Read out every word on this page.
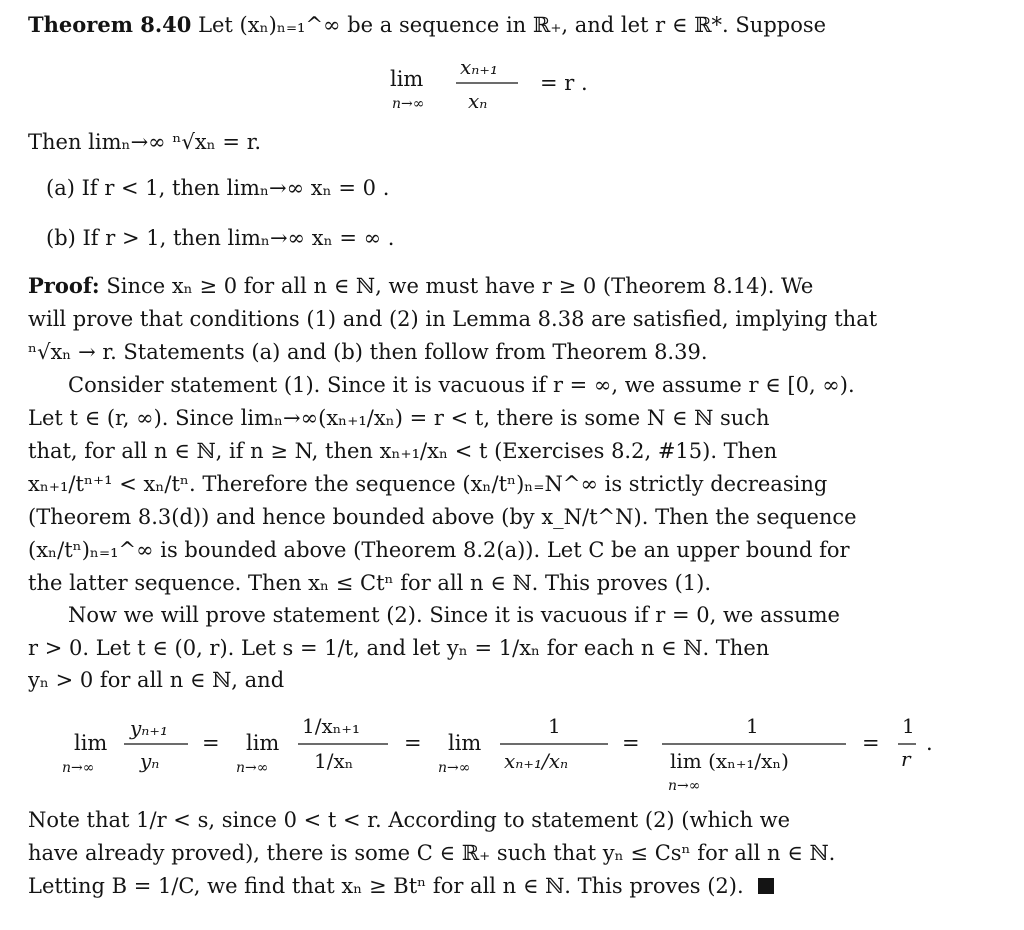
Theorem 8.40 Let (xₙ)ₙ₌₁^∞ be a sequence in ℝ₊, and let r ∈ ℝ*. Suppose
lim
n→∞
xₙ₊₁
xₙ
= r .
Then limₙ→∞ ⁿ√xₙ = r.
(a) If r < 1, then limₙ→∞ xₙ = 0 .
(b) If r > 1, then limₙ→∞ xₙ = ∞ .
Proof: Since xₙ ≥ 0 for all n ∈ ℕ, we must have r ≥ 0 (Theorem 8.14). We
will prove that conditions (1) and (2) in Lemma 8.38 are satisfied, implying that
ⁿ√xₙ → r. Statements (a) and (b) then follow from Theorem 8.39.
Consider statement (1). Since it is vacuous if r = ∞, we assume r ∈ [0, ∞).
Let t ∈ (r, ∞). Since limₙ→∞(xₙ₊₁/xₙ) = r < t, there is some N ∈ ℕ such
that, for all n ∈ ℕ, if n ≥ N, then xₙ₊₁/xₙ < t (Exercises 8.2, #15). Then
xₙ₊₁/tⁿ⁺¹ < xₙ/tⁿ. Therefore the sequence (xₙ/tⁿ)ₙ₌N^∞ is strictly decreasing
(Theorem 8.3(d)) and hence bounded above (by x_N/t^N). Then the sequence
(xₙ/tⁿ)ₙ₌₁^∞ is bounded above (Theorem 8.2(a)). Let C be an upper bound for
the latter sequence. Then xₙ ≤ Ctⁿ for all n ∈ ℕ. This proves (1).
Now we will prove statement (2). Since it is vacuous if r = 0, we assume
r > 0. Let t ∈ (0, r). Let s = 1/t, and let yₙ = 1/xₙ for each n ∈ ℕ. Then
yₙ > 0 for all n ∈ ℕ, and
lim
n→∞
yₙ₊₁
yₙ
= lim
n→∞
1/xₙ₊₁
1/xₙ
= lim
n→∞
1
xₙ₊₁/xₙ
=
1
lim (xₙ₊₁/xₙ)
n→∞
=
1
r
.
Note that 1/r < s, since 0 < t < r. According to statement (2) (which we
have already proved), there is some C ∈ ℝ₊ such that yₙ ≤ Csⁿ for all n ∈ ℕ.
Letting B = 1/C, we find that xₙ ≥ Btⁿ for all n ∈ ℕ. This proves (2).
